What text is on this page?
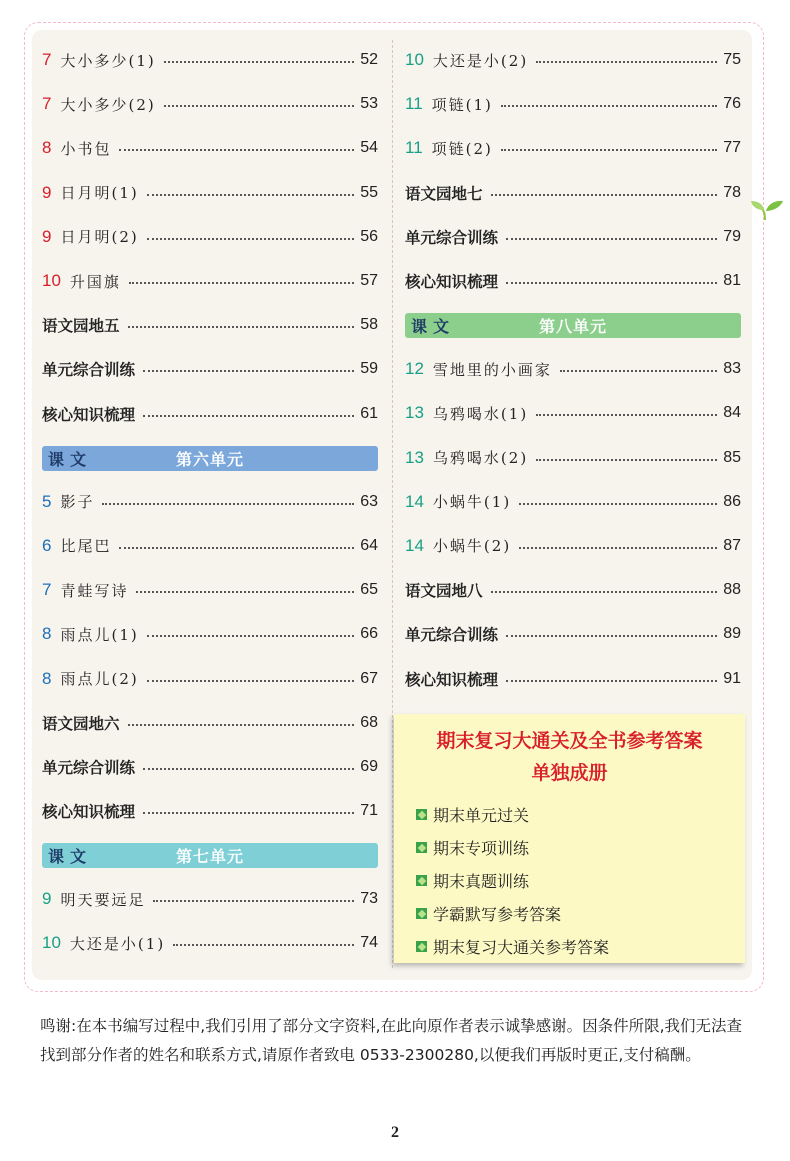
7 大小多少(1)	52
7 大小多少(2)	53
8 小书包	54
9 日月明(1)	55
9 日月明(2)	56
10 升国旗	57
语文园地五	58
单元综合训练	59
核心知识梳理	61
课文	第六单元
5 影子	63
6 比尾巴	64
7 青蛙写诗	65
8 雨点儿(1)	66
8 雨点儿(2)	67
语文园地六	68
单元综合训练	69
核心知识梳理	71
课文	第七单元
9 明天要远足	73
10 大还是小(1)	74
10 大还是小(2)	75
11 项链(1)	76
11 项链(2)	77
语文园地七	78
单元综合训练	79
核心知识梳理	81
课文	第八单元
12 雪地里的小画家	83
13 乌鸦喝水(1)	84
13 乌鸦喝水(2)	85
14 小蜗牛(1)	86
14 小蜗牛(2)	87
语文园地八	88
单元综合训练	89
核心知识梳理	91
期末复习大通关及全书参考答案
单独成册
期末单元过关
期末专项训练
期末真题训练
学霸默写参考答案
期末复习大通关参考答案
鸣谢:在本书编写过程中,我们引用了部分文字资料,在此向原作者表示诚挚感谢。因条件所限,我们无法查找到部分作者的姓名和联系方式,请原作者致电 0533-2300280,以便我们再版时更正,支付稿酬。
2
